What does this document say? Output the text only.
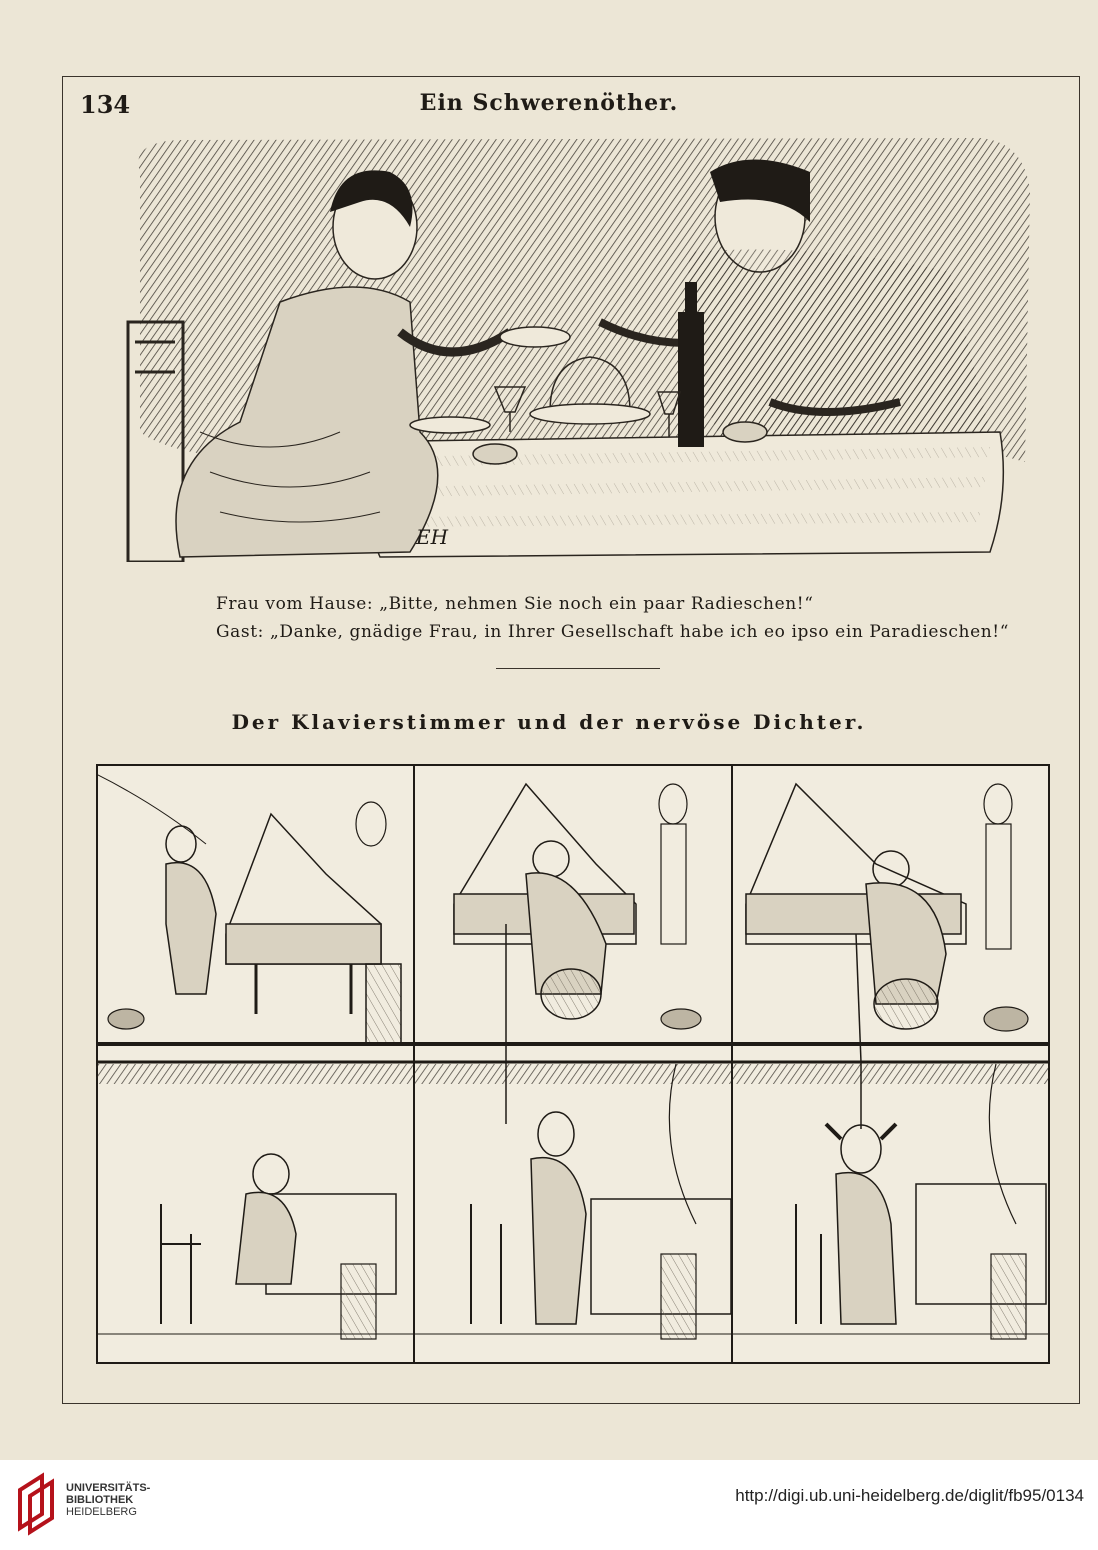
134	Ein Schwerenöther.
EH
Frau vom Hause: „Bitte, nehmen Sie noch ein paar Radieschen!“
Gast: „Danke, gnädige Frau, in Ihrer Gesellschaft habe ich eo ipso ein Paradieschen!“
Der Klavierstimmer und der nervöse Dichter.
UNIVERSITÄTS-
BIBLIOTHEK
HEIDELBERG
http://digi.ub.uni-heidelberg.de/diglit/fb95/0134
